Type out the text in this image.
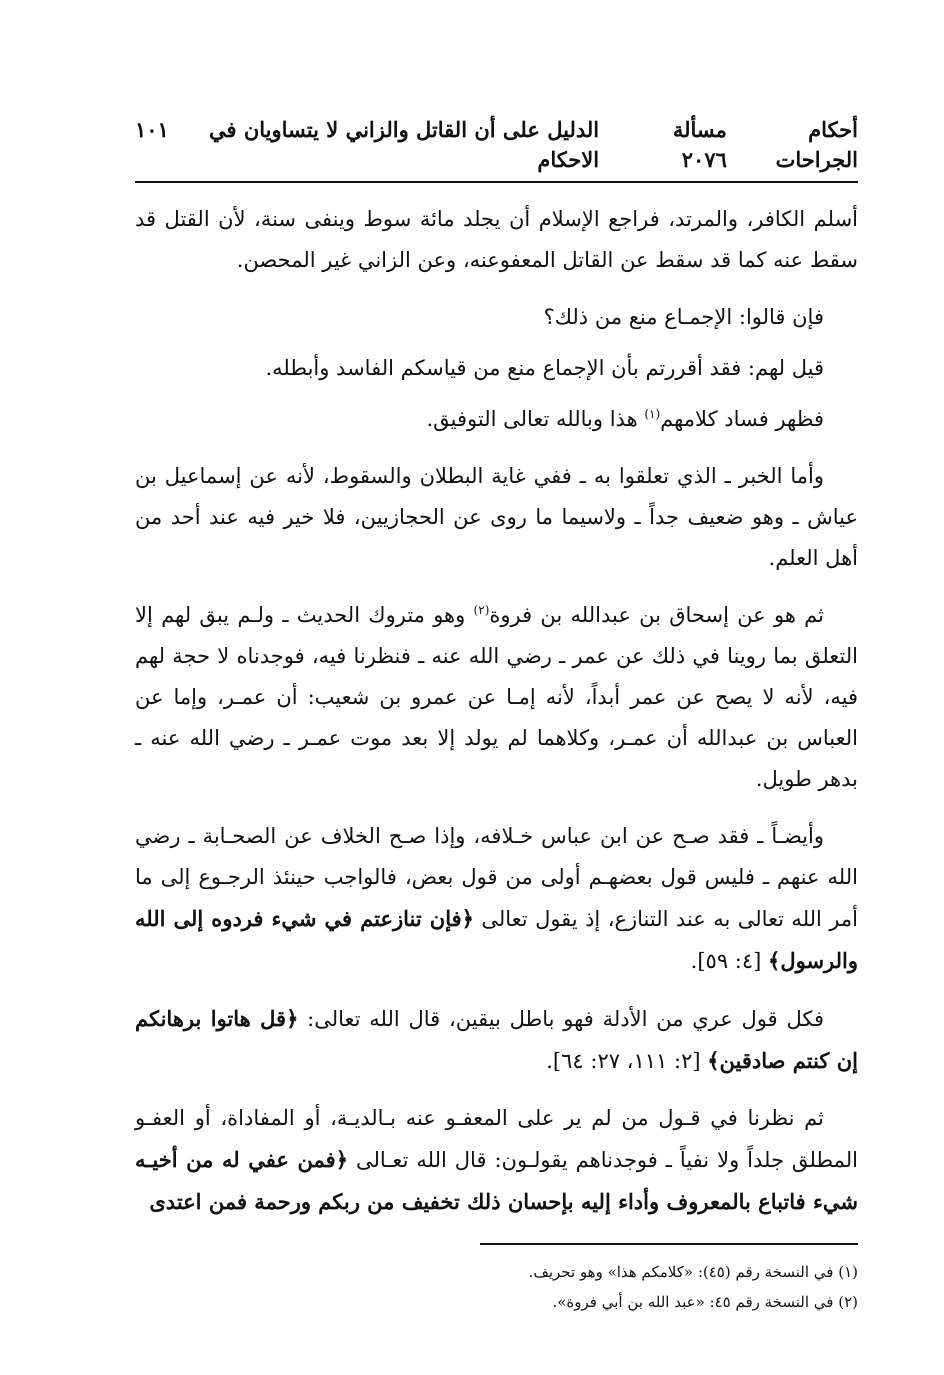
أحكام الجراحات
مسألة ٢٠٧٦
الدليل على أن القاتل والزاني لا يتساويان في الاحكام
١٠١

أسلم الكافر، والمرتد، فراجع الإسلام أن يجلد مائة سوط وينفى سنة، لأن القتل قد سقط عنه كما قد سقط عن القاتل المعفوعنه، وعن الزاني غير المحصن.

فإن قالوا: الإجمـاع منع من ذلك؟

قيل لهم: فقد أقررتم بأن الإجماع منع من قياسكم الفاسد وأبطله.

فظهر فساد كلامهم$^{(١)}$ هذا وبالله تعالى التوفيق.

وأما الخبر ـ الذي تعلقوا به ـ ففي غاية البطلان والسقوط، لأنه عن إسماعيل بن عياش ـ وهو ضعيف جداً ـ ولاسيما ما روى عن الحجازيين، فلا خير فيه عند أحد من أهل العلم.

ثم هو عن إسحاق بن عبدالله بن فروة$^{(٢)}$ وهو متروك الحديث ـ ولـم يبق لهم إلا التعلق بما روينا في ذلك عن عمر ـ رضي الله عنه ـ فنظرنا فيه، فوجدناه لا حجة لهم فيه، لأنه لا يصح عن عمر أبداً، لأنه إمـا عن عمرو بن شعيب: أن عمـر، وإما عن العباس بن عبدالله أن عمـر، وكلاهما لم يولد إلا بعد موت عمـر ـ رضي الله عنه ـ بدهر طويل.

وأيضـاً ـ فقد صـح عن ابن عباس خـلافه، وإذا صـح الخلاف عن الصحـابة ـ رضي الله عنهم ـ فليس قول بعضهـم أولى من قول بعض، فالواجب حينئذ الرجـوع إلى ما أمر الله تعالى به عند التنازع، إذ يقول تعالى ﴿فإن تنازعتم في شيء فردوه إلى الله والرسول﴾ [٤: ٥٩].

فكل قول عري من الأدلة فهو باطل بيقين، قال الله تعالى: ﴿قل هاتوا برهانكم إن كنتم صادقين﴾ [٢: ١١١، ٢٧: ٦٤].

ثم نظرنا في قـول من لم ير على المعفـو عنه بـالديـة، أو المفاداة، أو العفـو المطلق جلداً ولا نفياً ـ فوجدناهم يقولـون: قال الله تعـالى ﴿فمن عفي له من أخيـه شيء فاتباع بالمعروف وأداء إليه بإحسان ذلك تخفيف من ربكم ورحمة فمن اعتدى

(١) في النسخة رقم (٤٥): «كلامكم هذا» وهو تحريف.
(٢) في النسخة رقم ٤٥: «عبد الله بن أبي فروة».
